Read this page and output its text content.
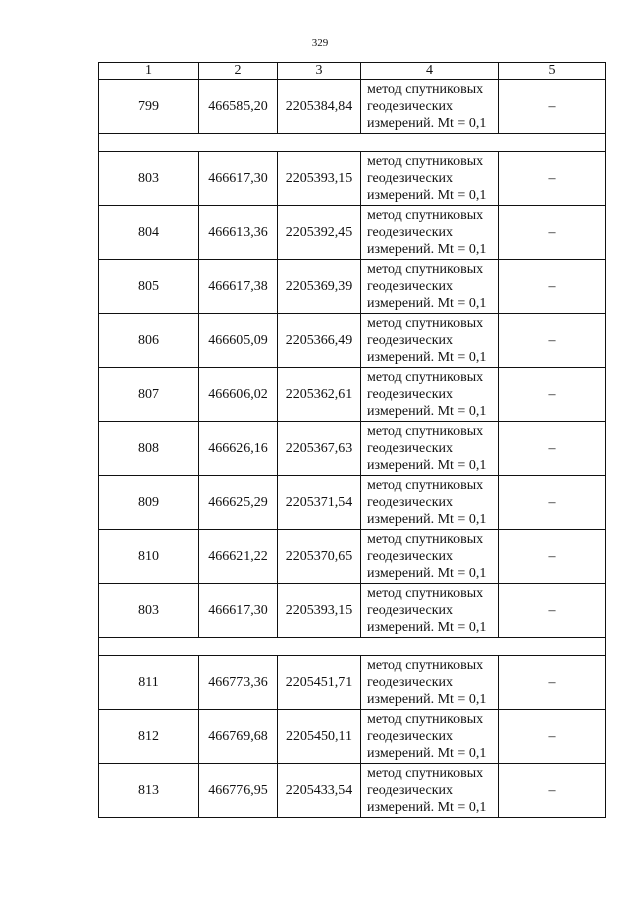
329
1	2	3	4	5
799	466585,20	2205384,84	метод спутниковых
геодезических
измерений. Mt = 0,1	–

803	466617,30	2205393,15	метод спутниковых
геодезических
измерений. Mt = 0,1	–
804	466613,36	2205392,45	метод спутниковых
геодезических
измерений. Mt = 0,1	–
805	466617,38	2205369,39	метод спутниковых
геодезических
измерений. Mt = 0,1	–
806	466605,09	2205366,49	метод спутниковых
геодезических
измерений. Mt = 0,1	–
807	466606,02	2205362,61	метод спутниковых
геодезических
измерений. Mt = 0,1	–
808	466626,16	2205367,63	метод спутниковых
геодезических
измерений. Mt = 0,1	–
809	466625,29	2205371,54	метод спутниковых
геодезических
измерений. Mt = 0,1	–
810	466621,22	2205370,65	метод спутниковых
геодезических
измерений. Mt = 0,1	–
803	466617,30	2205393,15	метод спутниковых
геодезических
измерений. Mt = 0,1	–

811	466773,36	2205451,71	метод спутниковых
геодезических
измерений. Mt = 0,1	–
812	466769,68	2205450,11	метод спутниковых
геодезических
измерений. Mt = 0,1	–
813	466776,95	2205433,54	метод спутниковых
геодезических
измерений. Mt = 0,1	–
